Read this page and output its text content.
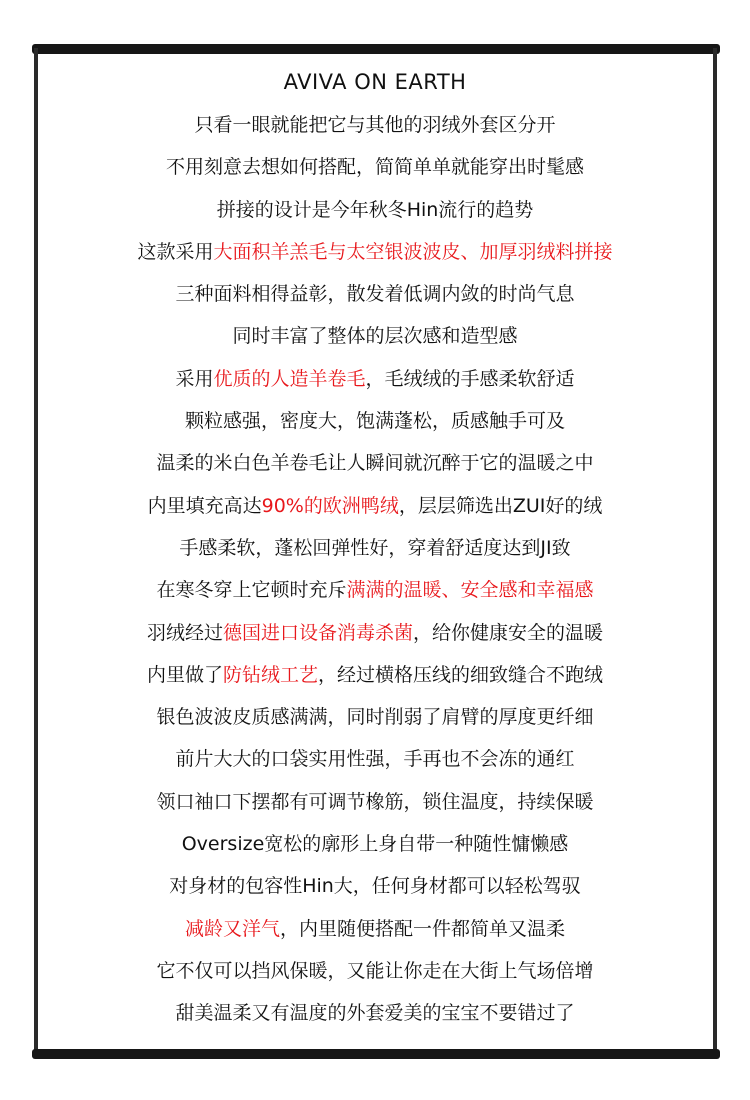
AVIVA ON EARTH
只看一眼就能把它与其他的羽绒外套区分开
不用刻意去想如何搭配，简简单单就能穿出时髦感
拼接的设计是今年秋冬Hin流行的趋势
这款采用大面积羊羔毛与太空银波波皮、加厚羽绒料拼接
三种面料相得益彰，散发着低调内敛的时尚气息
同时丰富了整体的层次感和造型感
采用优质的人造羊卷毛，毛绒绒的手感柔软舒适
颗粒感强，密度大，饱满蓬松，质感触手可及
温柔的米白色羊卷毛让人瞬间就沉醉于它的温暖之中
内里填充高达90%的欧洲鸭绒，层层筛选出ZUI好的绒
手感柔软，蓬松回弹性好，穿着舒适度达到JI致
在寒冬穿上它顿时充斥满满的温暖、安全感和幸福感
羽绒经过德国进口设备消毒杀菌，给你健康安全的温暖
内里做了防钻绒工艺，经过横格压线的细致缝合不跑绒
银色波波皮质感满满，同时削弱了肩臂的厚度更纤细
前片大大的口袋实用性强，手再也不会冻的通红
领口袖口下摆都有可调节橡筋，锁住温度，持续保暖
Oversize宽松的廓形上身自带一种随性慵懒感
对身材的包容性Hin大，任何身材都可以轻松驾驭
减龄又洋气，内里随便搭配一件都简单又温柔
它不仅可以挡风保暖，又能让你走在大街上气场倍增
甜美温柔又有温度的外套爱美的宝宝不要错过了
